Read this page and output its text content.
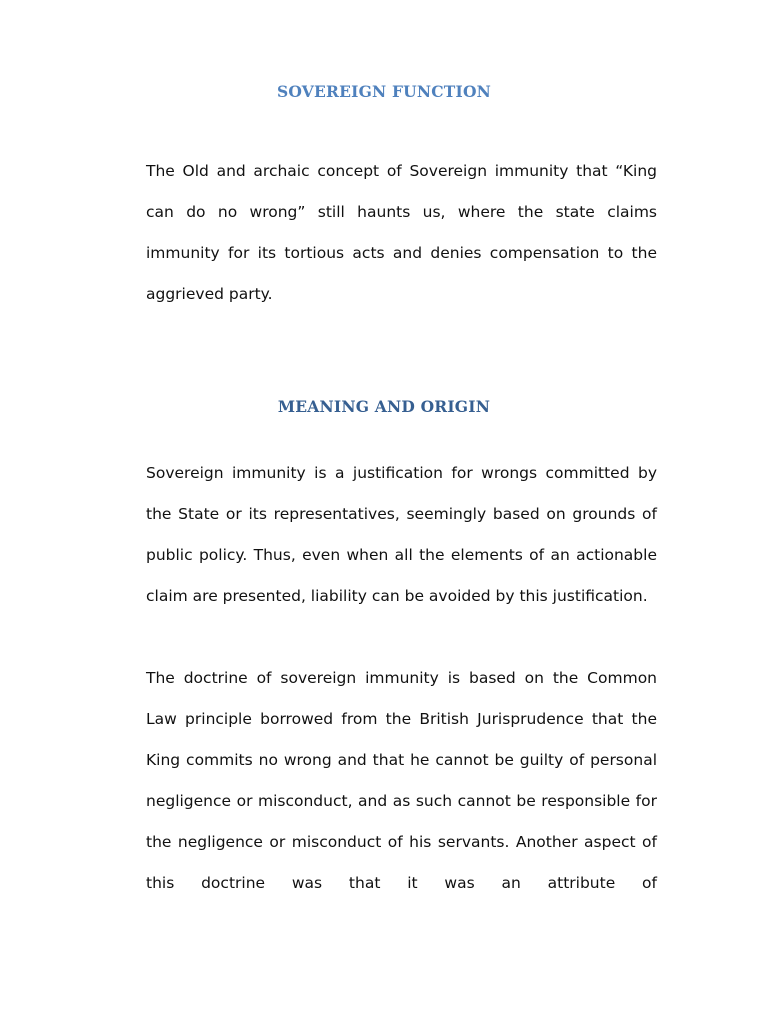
SOVEREIGN FUNCTION

The Old and archaic concept of Sovereign immunity that “King can do no wrong” still haunts us, where the state claims immunity for its tortious acts and denies compensation to the aggrieved party.

MEANING AND ORIGIN

Sovereign immunity is a justification for wrongs committed by the State or its representatives, seemingly based on grounds of public policy. Thus, even when all the elements of an actionable claim are presented, liability can be avoided by this justification.

The doctrine of sovereign immunity is based on the Common Law principle borrowed from the British Jurisprudence that the King commits no wrong and that he cannot be guilty of personal negligence or misconduct, and as such cannot be responsible for the negligence or misconduct of his servants. Another aspect of this doctrine was that it was an attribute of
